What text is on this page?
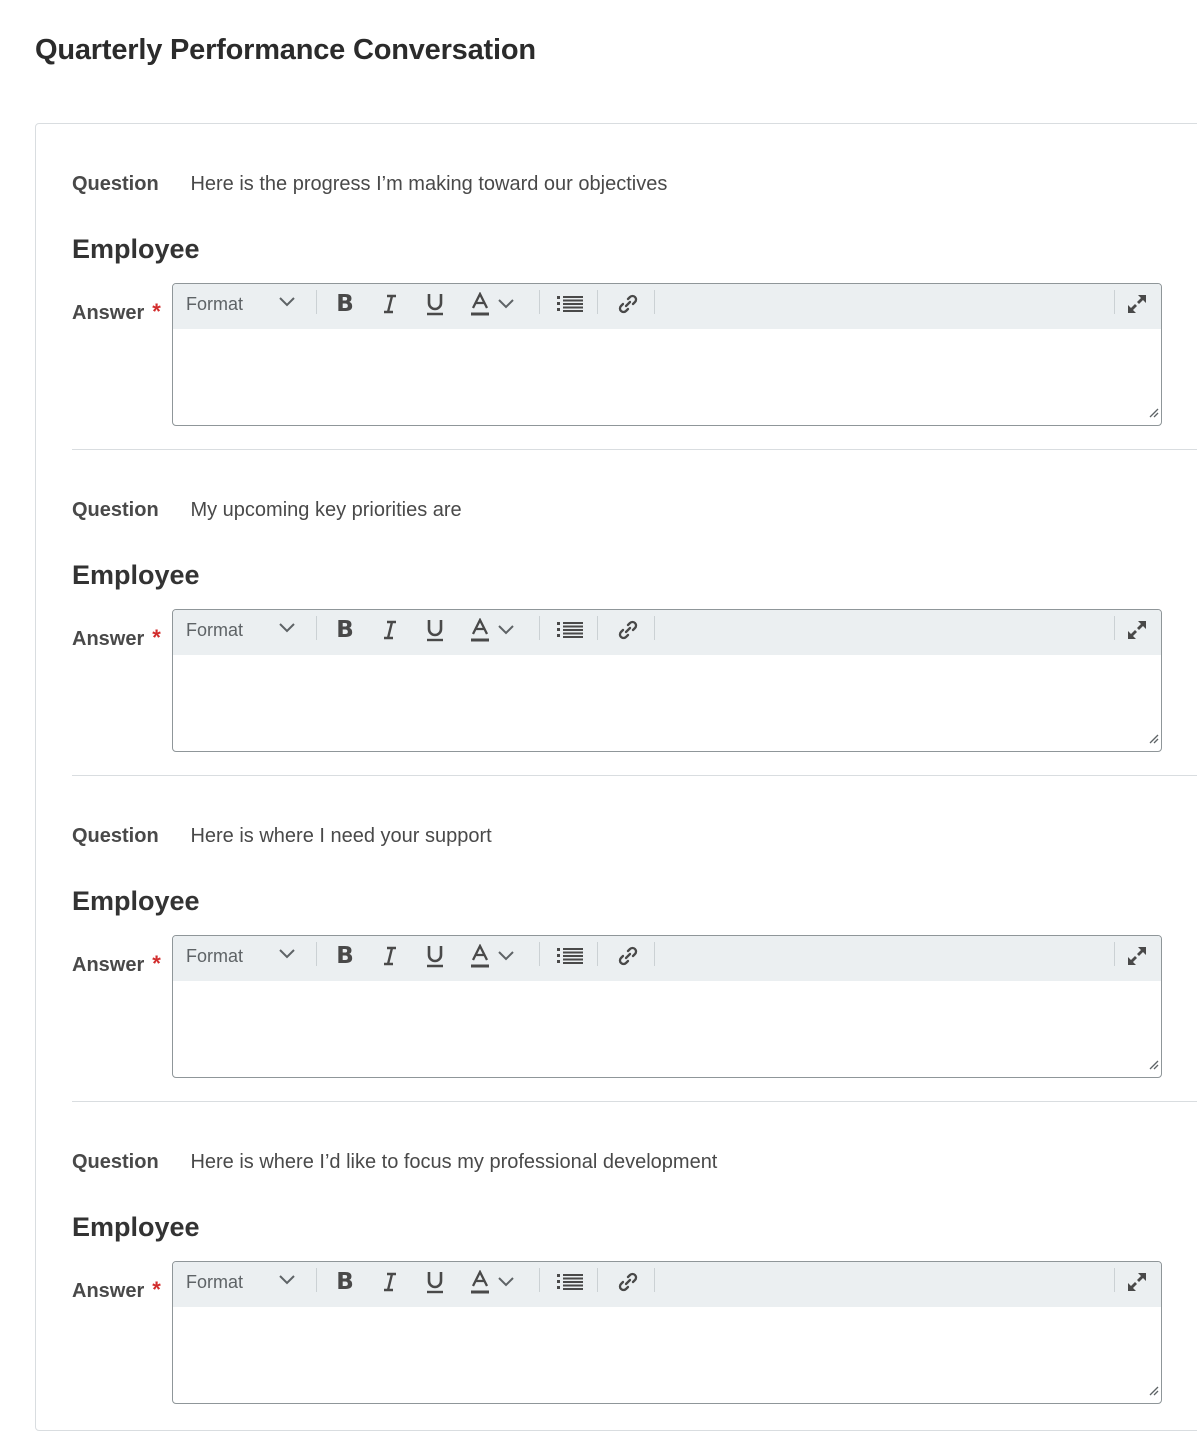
Quarterly Performance Conversation
Question Here is the progress I’m making toward our objectives
Employee
Answer * Format	B
Question My upcoming key priorities are
Employee
Answer * Format	B
Question Here is where I need your support
Employee
Answer * Format	B
Question Here is where I’d like to focus my professional development
Employee
Answer * Format	B
